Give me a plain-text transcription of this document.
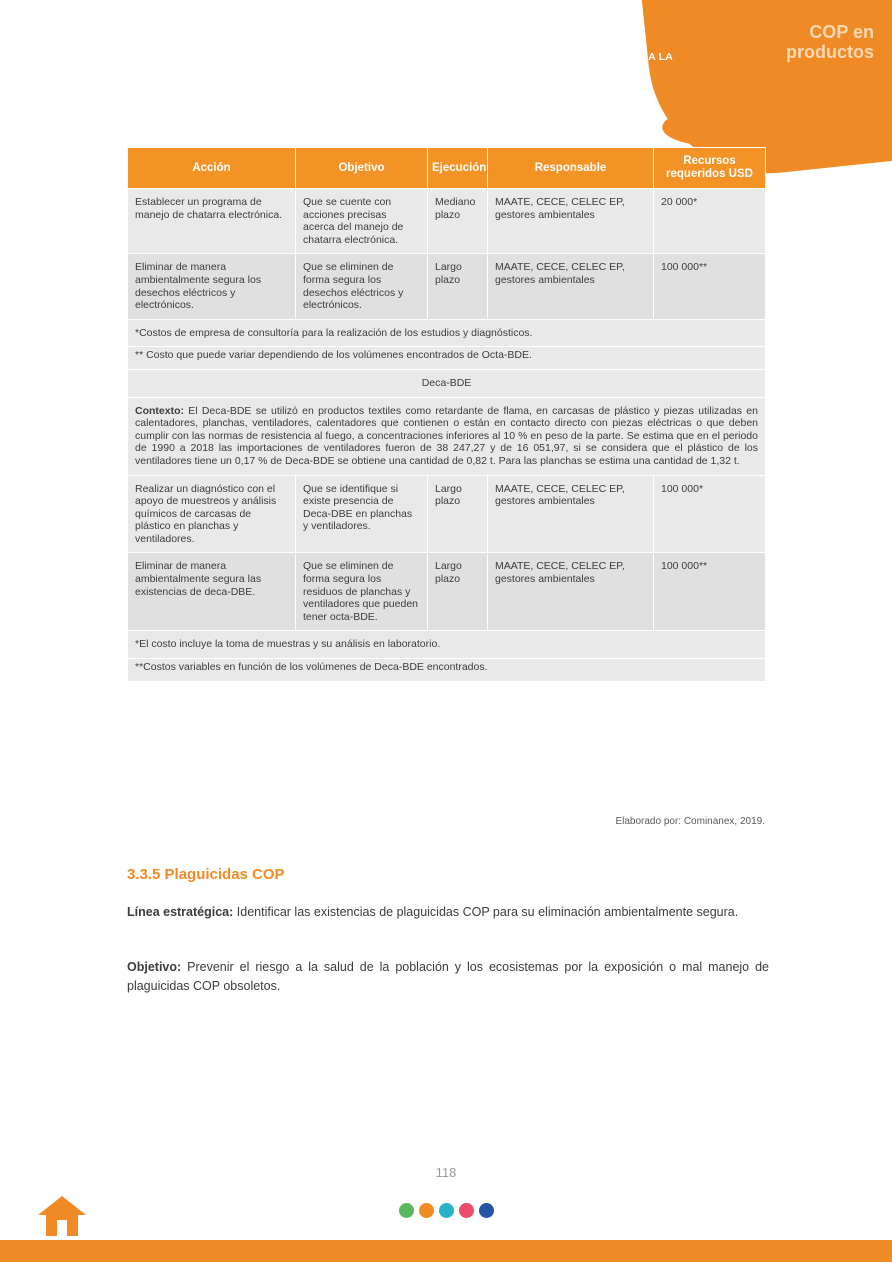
COP en
productos
INFORME FINAL DEL INVENTARIO DE COP Y PROPUESTA MACRO DEL PLAN DE ACCIÓN PARA LA GESTIÓN DE PRODUCTOS CON COP A NIVEL NACIONAL
Acción	Objetivo	Ejecución	Responsable	Recursos requeridos USD
Establecer un programa de manejo de chatarra electrónica.	Que se cuente con acciones precisas acerca del manejo de chatarra electrónica.	Mediano plazo	MAATE, CECE, CELEC EP, gestores ambientales	20 000*
Eliminar de manera ambientalmente segura los desechos eléctricos y electrónicos.	Que se eliminen de forma segura los desechos eléctricos y electrónicos.	Largo plazo	MAATE, CECE, CELEC EP, gestores ambientales	100 000**
*Costos de empresa de consultoría para la realización de los estudios y diagnósticos.				
** Costo que puede variar dependiendo de los volúmenes encontrados de Octa-BDE.				
Deca-BDE				
Contexto: El Deca-BDE se utilizó en productos textiles como retardante de flama, en carcasas de plástico y piezas utilizadas en calentadores, planchas, ventiladores, calentadores que contienen o están en contacto directo con piezas eléctricas o que deben cumplir con las normas de resistencia al fuego, a concentraciones inferiores al 10 % en peso de la parte. Se estima que en el periodo de 1990 a 2018 las importaciones de ventiladores fueron de 38 247,27 y de 16 051,97, si se considera que el plástico de los ventiladores tiene un 0,17 % de Deca-BDE se obtiene una cantidad de 0,82 t. Para las planchas se estima una cantidad de 1,32 t.				
Realizar un diagnóstico con el apoyo de muestreos y análisis químicos de carcasas de plástico en planchas y ventiladores.	Que se identifique si existe presencia de Deca-DBE en planchas y ventiladores.	Largo plazo	MAATE, CECE, CELEC EP, gestores ambientales	100 000*
Eliminar de manera ambientalmente segura las existencias de deca-DBE.	Que se eliminen de forma segura los residuos de planchas y ventiladores que pueden tener octa-BDE.	Largo plazo	MAATE, CECE, CELEC EP, gestores ambientales	100 000**
*El costo incluye la toma de muestras y su análisis en laboratorio.				
**Costos variables en función de los volúmenes de Deca-BDE encontrados.				
Elaborado por: Cominanex, 2019.
3.3.5 Plaguicidas COP
Línea estratégica: Identificar las existencias de plaguicidas COP para su eliminación ambientalmente segura.
Objetivo: Prevenir el riesgo a la salud de la población y los ecosistemas por la exposición o mal manejo de plaguicidas COP obsoletos.
118
